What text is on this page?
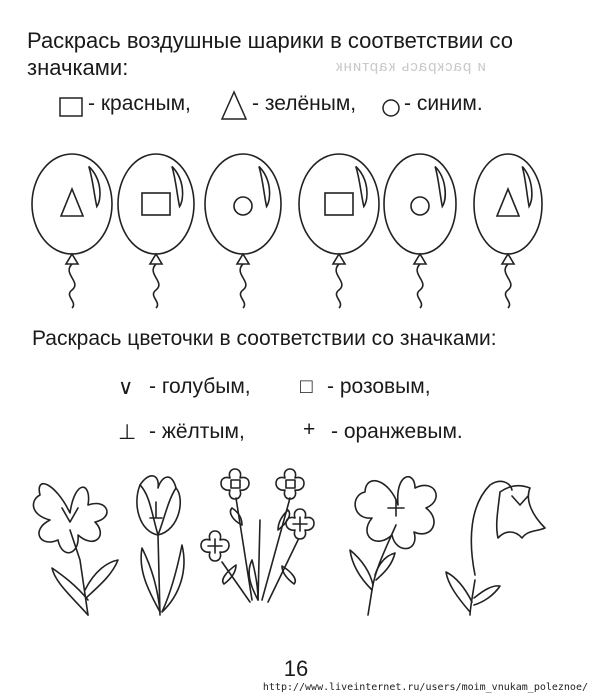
Раскрась воздушные шарики в соответствии со
значками:	и раскрась картинк
- красным,	- зелёным, - синим.
Раскрась цветочки в соответствии со значками:
∨ - голубым, □ - розовым,
⊥ - жёлтым,	+ - оранжевым.
16
http://www.liveinternet.ru/users/moim_vnukam_poleznoe/
